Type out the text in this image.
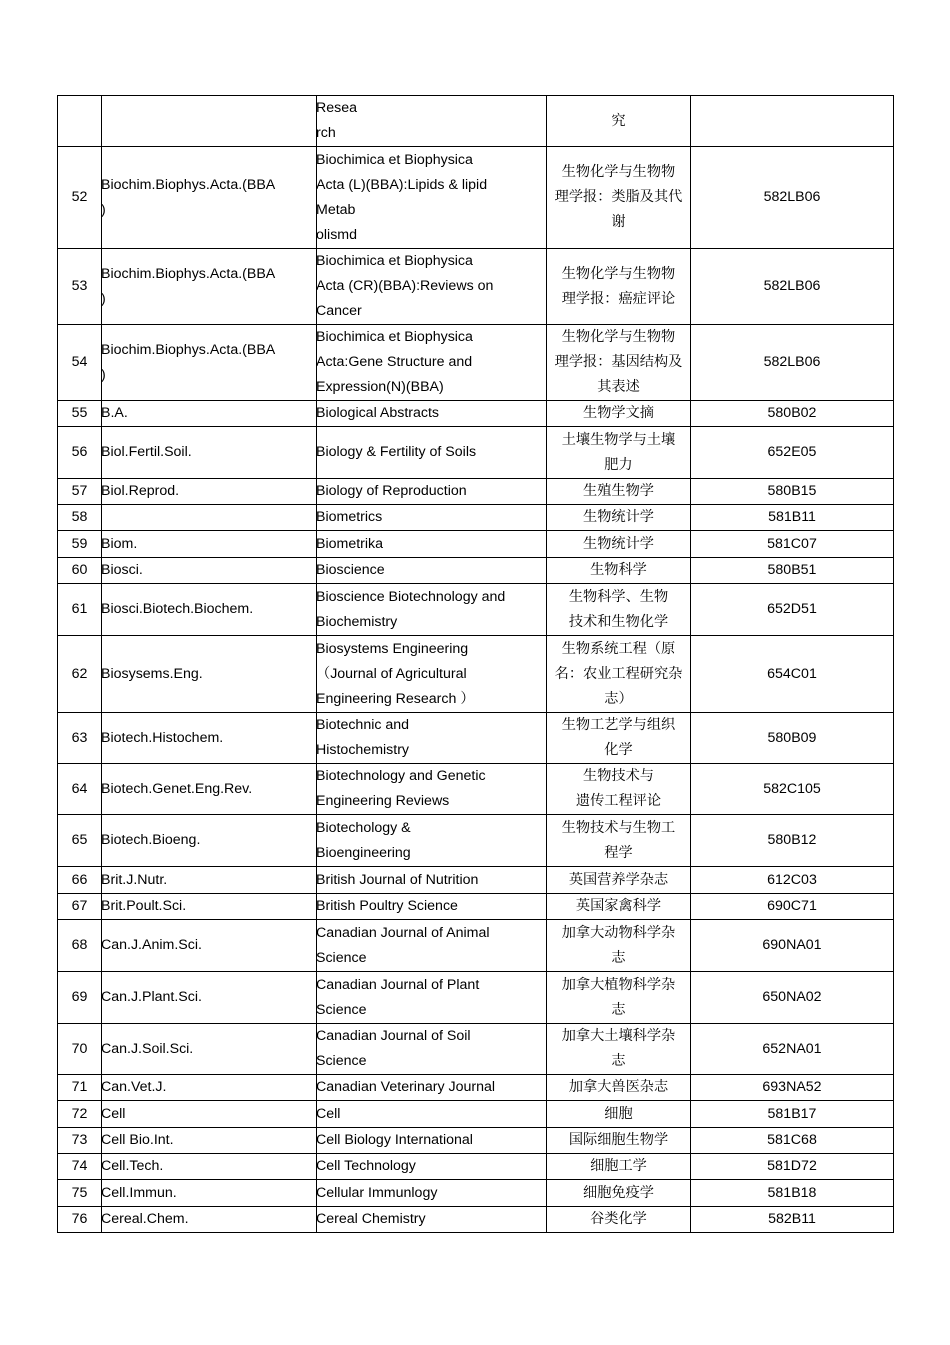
		Resea
rch	究	

52	Biochim.Biophys.Acta.(BBA
)	Biochimica et Biophysica
Acta (L)(BBA):Lipids & lipid
Metab
olismd	生物化学与生物物
理学报：类脂及其代
谢	582LB06

53	Biochim.Biophys.Acta.(BBA
)	Biochimica et Biophysica
Acta (CR)(BBA):Reviews on
Cancer	生物化学与生物物
理学报：癌症评论	582LB06

54	Biochim.Biophys.Acta.(BBA
)	Biochimica et Biophysica
Acta:Gene Structure and
Expression(N)(BBA)	生物化学与生物物
理学报：基因结构及
其表述	582LB06

55	B.A.	Biological Abstracts	生物学文摘	580B02

56	Biol.Fertil.Soil.	Biology & Fertility of Soils	土壤生物学与土壤
肥力	652E05

57	Biol.Reprod.	Biology of Reproduction	生殖生物学	580B15

58		Biometrics	生物统计学	581B11

59	Biom.	Biometrika	生物统计学	581C07

60	Biosci.	Bioscience	生物科学	580B51

61	Biosci.Biotech.Biochem.	Bioscience Biotechnology and
Biochemistry	生物科学、生物
技术和生物化学	652D51

62	Biosysems.Eng.	Biosystems Engineering
（Journal of Agricultural
Engineering Research ）	生物系统工程（原
名：农业工程研究杂
志）	654C01

63	Biotech.Histochem.	Biotechnic and
Histochemistry	生物工艺学与组织
化学	580B09

64	Biotech.Genet.Eng.Rev.	Biotechnology and Genetic
Engineering Reviews	生物技术与
遗传工程评论	582C105

65	Biotech.Bioeng.	Biotechology &
Bioengineering	生物技术与生物工
程学	580B12

66	Brit.J.Nutr.	British Journal of Nutrition	英国营养学杂志	612C03

67	Brit.Poult.Sci.	British Poultry Science	英国家禽科学	690C71

68	Can.J.Anim.Sci.	Canadian Journal of Animal
Science	加拿大动物科学杂
志	690NA01

69	Can.J.Plant.Sci.	Canadian Journal of Plant
Science	加拿大植物科学杂
志	650NA02

70	Can.J.Soil.Sci.	Canadian Journal of Soil
Science	加拿大土壤科学杂
志	652NA01

71	Can.Vet.J.	Canadian Veterinary Journal	加拿大兽医杂志	693NA52

72	Cell	Cell	细胞	581B17

73	Cell Bio.Int.	Cell Biology International	国际细胞生物学	581C68

74	Cell.Tech.	Cell Technology	细胞工学	581D72

75	Cell.Immun.	Cellular Immunlogy	细胞免疫学	581B18

76	Cereal.Chem.	Cereal Chemistry	谷类化学	582B11
